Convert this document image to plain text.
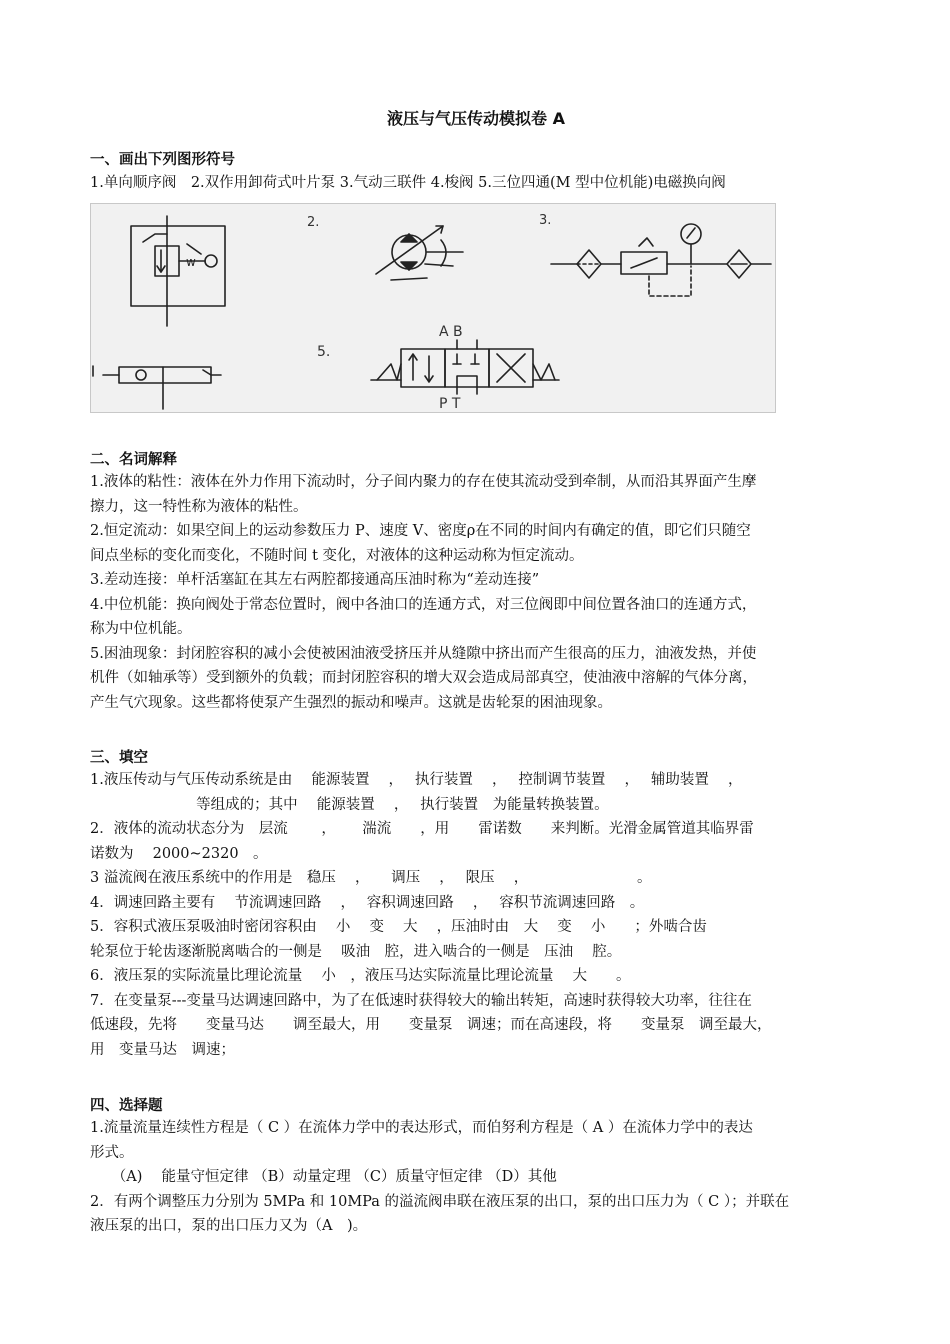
液压与气压传动模拟卷 A
一、画出下列图形符号
1.单向顺序阀　2.双作用卸荷式叶片泵 3.气动三联件 4.梭阀 5.三位四通(M 型中位机能)电磁换向阀
w
2.	3.
A B
P T
5.
二、名词解释
1.液体的粘性：液体在外力作用下流动时，分子间内聚力的存在使其流动受到牵制，从而沿其界面产生摩
擦力，这一特性称为液体的粘性。
2.恒定流动：如果空间上的运动参数压力 P、速度 V、密度ρ在不同的时间内有确定的值，即它们只随空
间点坐标的变化而变化，不随时间 t 变化，对液体的这种运动称为恒定流动。
3.差动连接：单杆活塞缸在其左右两腔都接通高压油时称为“差动连接”
4.中位机能：换向阀处于常态位置时，阀中各油口的连通方式，对三位阀即中间位置各油口的连通方式，
称为中位机能。
5.困油现象：封闭腔容积的减小会使被困油液受挤压并从缝隙中挤出而产生很高的压力，油液发热，并使
机件（如轴承等）受到额外的负载；而封闭腔容积的增大双会造成局部真空，使油液中溶解的气体分离，
产生气穴现象。这些都将使泵产生强烈的振动和噪声。这就是齿轮泵的困油现象。
三、填空
1.液压传动与气压传动系统是由　 能源装置　 ，　 执行装置　 ，　 控制调节装置　 ，　 辅助装置　 ，
　　　　　　　 等组成的；其中　 能源装置　 ，　 执行装置　为能量转换装置。
2．液体的流动状态分为　层流　　 ，　　 湍流　　，用　　雷诺数　　来判断。光滑金属管道其临界雷
诺数为　 2000~2320　。
3 溢流阀在液压系统中的作用是　稳压　 ，　　调压　 ，　 限压　 ，　　　　　　　　。
4．调速回路主要有　 节流调速回路　 ，　 容积调速回路　 ，　 容积节流调速回路　。
5．容积式液压泵吸油时密闭容积由　 小　 变　 大　 ，压油时由　大　 变　 小　　；外啮合齿
轮泵位于轮齿逐渐脱离啮合的一侧是　 吸油　腔，进入啮合的一侧是　压油　 腔。
6．液压泵的实际流量比理论流量　 小　，液压马达实际流量比理论流量　 大　　。
7．在变量泵---变量马达调速回路中，为了在低速时获得较大的输出转矩，高速时获得较大功率，往往在
低速段，先将　　变量马达　　调至最大，用　　变量泵　调速；而在高速段，将　　变量泵　调至最大，
用　变量马达　调速；
四、选择题
1.流量流量连续性方程是（ C ）在流体力学中的表达形式，而伯努利方程是（ A ）在流体力学中的表达
形式。
　　（A)　 能量守恒定律 （B）动量定理 （C）质量守恒定律 （D）其他
2．有两个调整压力分别为 5MPa 和 10MPa 的溢流阀串联在液压泵的出口，泵的出口压力为（ C ）；并联在
液压泵的出口，泵的出口压力又为（A　)。
